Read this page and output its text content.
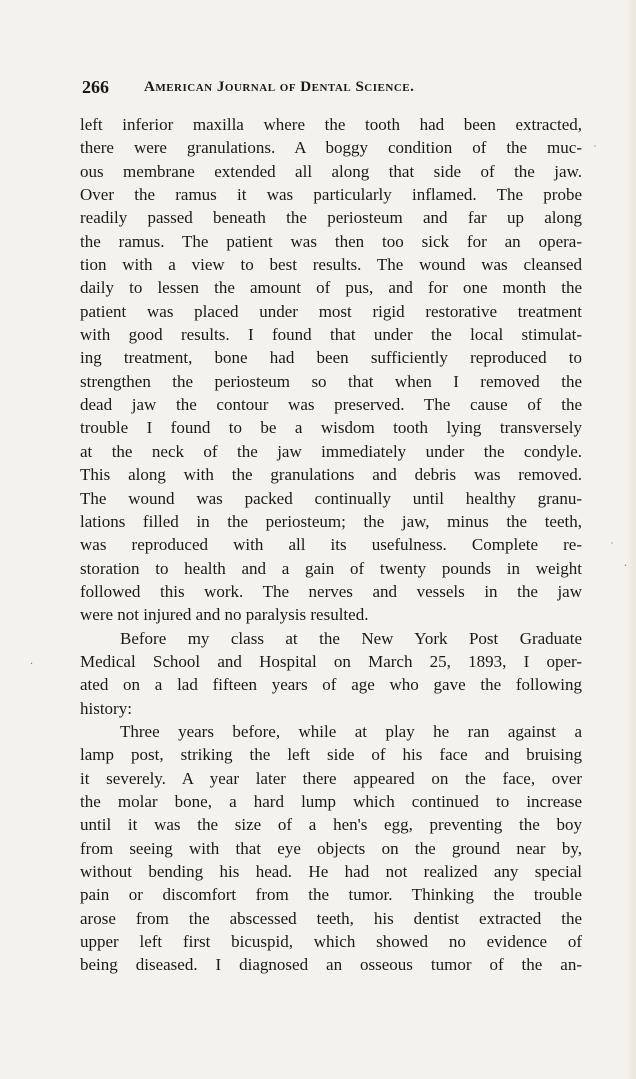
266 American Journal of Dental Science.
left inferior maxilla where the tooth had been extracted,
there were granulations. A boggy condition of the muc-
ous membrane extended all along that side of the jaw.
Over the ramus it was particularly inflamed. The probe
readily passed beneath the periosteum and far up along
the ramus. The patient was then too sick for an opera-
tion with a view to best results. The wound was cleansed
daily to lessen the amount of pus, and for one month the
patient was placed under most rigid restorative treatment
with good results. I found that under the local stimulat-
ing treatment, bone had been sufficiently reproduced to
strengthen the periosteum so that when I removed the
dead jaw the contour was preserved. The cause of the
trouble I found to be a wisdom tooth lying transversely
at the neck of the jaw immediately under the condyle.
This along with the granulations and debris was removed.
The wound was packed continually until healthy granu-
lations filled in the periosteum; the jaw, minus the teeth,
was reproduced with all its usefulness. Complete re-
storation to health and a gain of twenty pounds in weight
followed this work. The nerves and vessels in the jaw
were not injured and no paralysis resulted.
Before my class at the New York Post Graduate
Medical School and Hospital on March 25, 1893, I oper-
ated on a lad fifteen years of age who gave the following
history:
Three years before, while at play he ran against a
lamp post, striking the left side of his face and bruising
it severely. A year later there appeared on the face, over
the molar bone, a hard lump which continued to increase
until it was the size of a hen's egg, preventing the boy
from seeing with that eye objects on the ground near by,
without bending his head. He had not realized any special
pain or discomfort from the tumor. Thinking the trouble
arose from the abscessed teeth, his dentist extracted the
upper left first bicuspid, which showed no evidence of
being diseased. I diagnosed an osseous tumor of the an-
˙
˙
.
.
